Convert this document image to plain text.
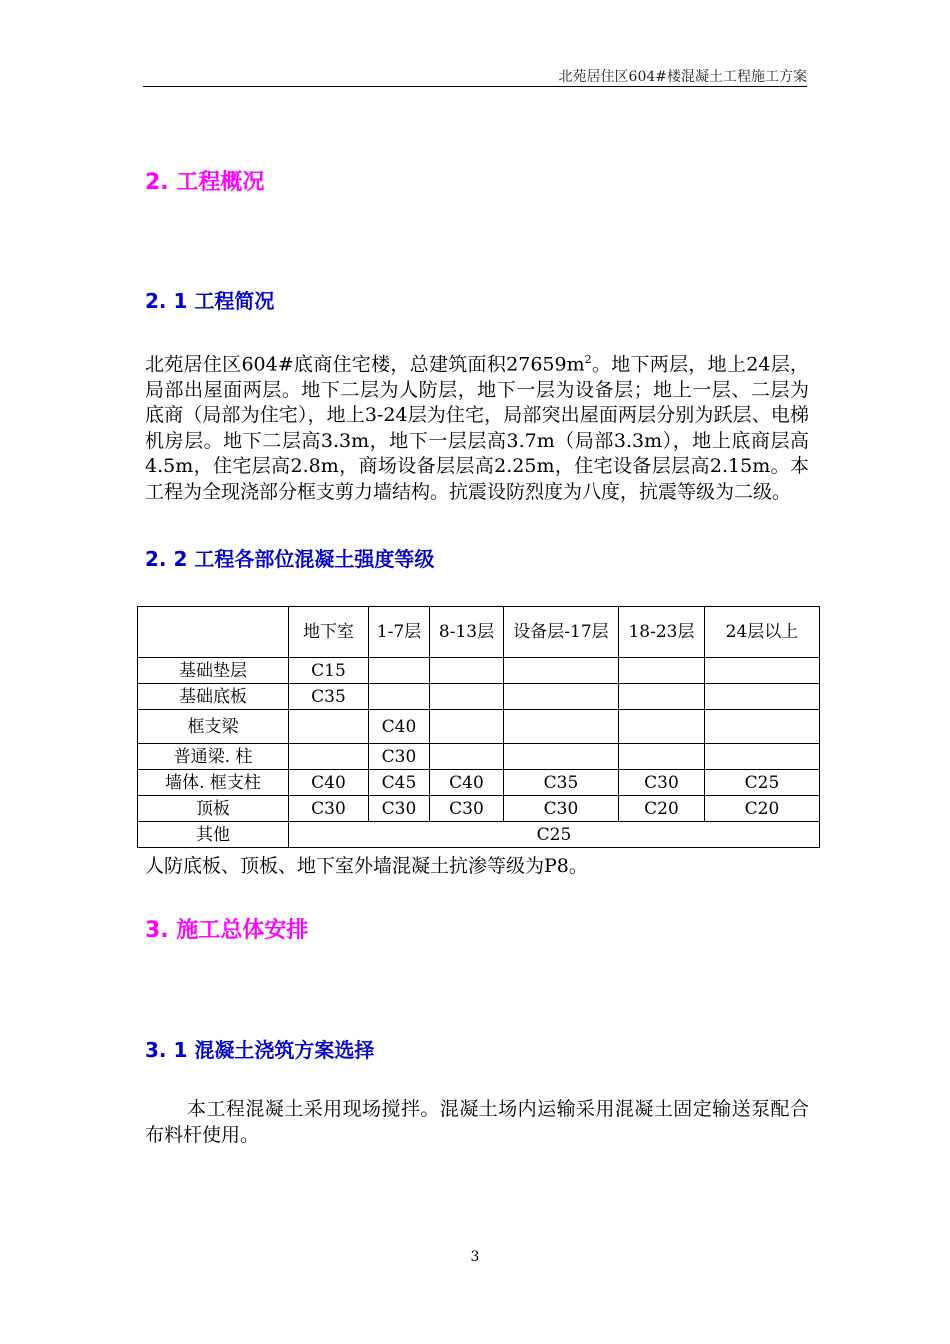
北苑居住区604#楼混凝土工程施工方案
2. 工程概况
2. 1 工程简况
北苑居住区604#底商住宅楼，总建筑面积$27659m^2$。地下两层，地上24层，局部出屋面两层。地下二层为人防层，地下一层为设备层；地上一层、二层为底商（局部为住宅），地上3-24层为住宅，局部突出屋面两层分别为跃层、电梯机房层。地下二层高3.3m，地下一层层高3.7m（局部3.3m），地上底商层高4.5m，住宅层高2.8m，商场设备层层高2.25m，住宅设备层层高2.15m。本工程为全现浇部分框支剪力墙结构。抗震设防烈度为八度，抗震等级为二级。
2. 2 工程各部位混凝土强度等级
	地下室	1-7层	8-13层	设备层-17层	18-23层	24层以上
基础垫层	C15					
基础底板	C35					
框支梁		C40				
普通梁. 柱		C30				
墙体. 框支柱	C40	C45	C40	C35	C30	C25
顶板	C30	C30	C30	C30	C20	C20
其他	C25					
人防底板、顶板、地下室外墙混凝土抗渗等级为P8。
3. 施工总体安排
3. 1 混凝土浇筑方案选择
本工程混凝土采用现场搅拌。混凝土场内运输采用混凝土固定输送泵配合布料杆使用。
3
